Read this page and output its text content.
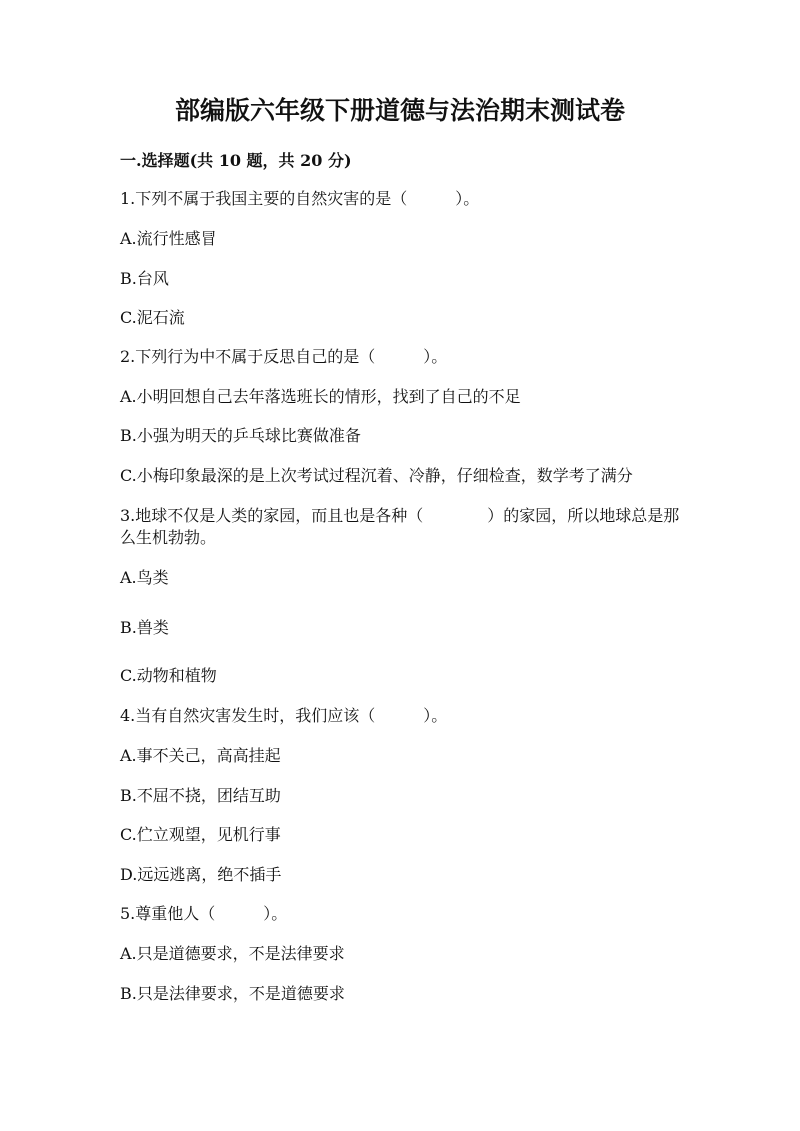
部编版六年级下册道德与法治期末测试卷
一.选择题(共 10 题，共 20 分)
1.下列不属于我国主要的自然灾害的是（　　　）。
A.流行性感冒
B.台风
C.泥石流
2.下列行为中不属于反思自己的是（　　　）。
A.小明回想自己去年落选班长的情形，找到了自己的不足
B.小强为明天的乒乓球比赛做准备
C.小梅印象最深的是上次考试过程沉着、冷静，仔细检查，数学考了满分
3.地球不仅是人类的家园，而且也是各种（　　　　）的家园，所以地球总是那
么生机勃勃。
A.鸟类
B.兽类
C.动物和植物
4.当有自然灾害发生时，我们应该（　　　）。
A.事不关己，高高挂起
B.不屈不挠，团结互助
C.伫立观望，见机行事
D.远远逃离，绝不插手
5.尊重他人（　　　）。
A.只是道德要求，不是法律要求
B.只是法律要求，不是道德要求
